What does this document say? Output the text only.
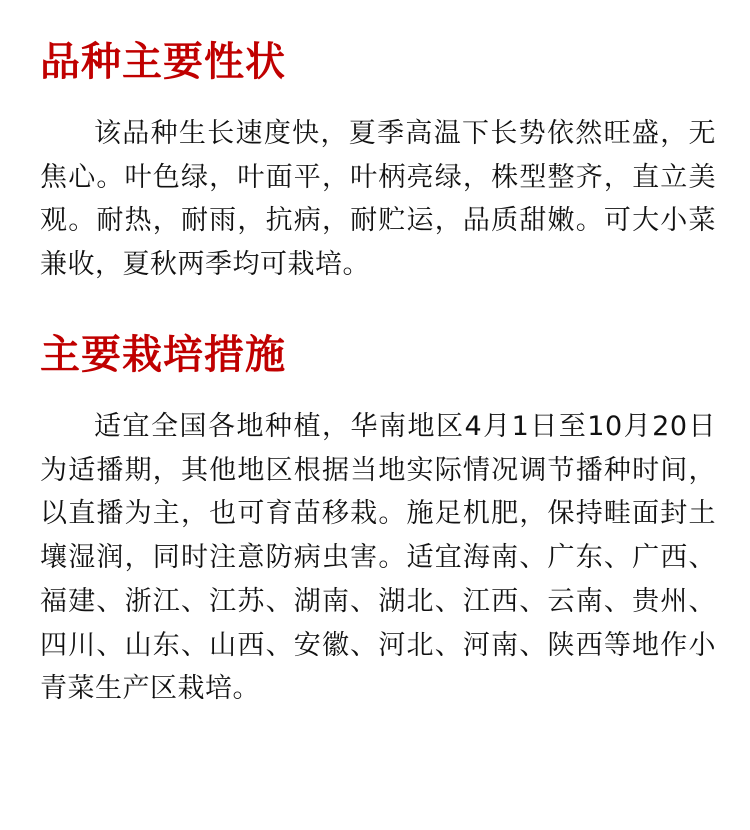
品种主要性状

该品种生长速度快，夏季高温下长势依然旺盛，无焦心。叶色绿，叶面平，叶柄亮绿，株型整齐，直立美观。耐热，耐雨，抗病，耐贮运，品质甜嫩。可大小菜兼收，夏秋两季均可栽培。

主要栽培措施

适宜全国各地种植，华南地区4月1日至10月20日为适播期，其他地区根据当地实际情况调节播种时间，以直播为主，也可育苗移栽。施足机肥，保持畦面封土壤湿润，同时注意防病虫害。适宜海南、广东、广西、福建、浙江、江苏、湖南、湖北、江西、云南、贵州、四川、山东、山西、安徽、河北、河南、陕西等地作小青菜生产区栽培。
